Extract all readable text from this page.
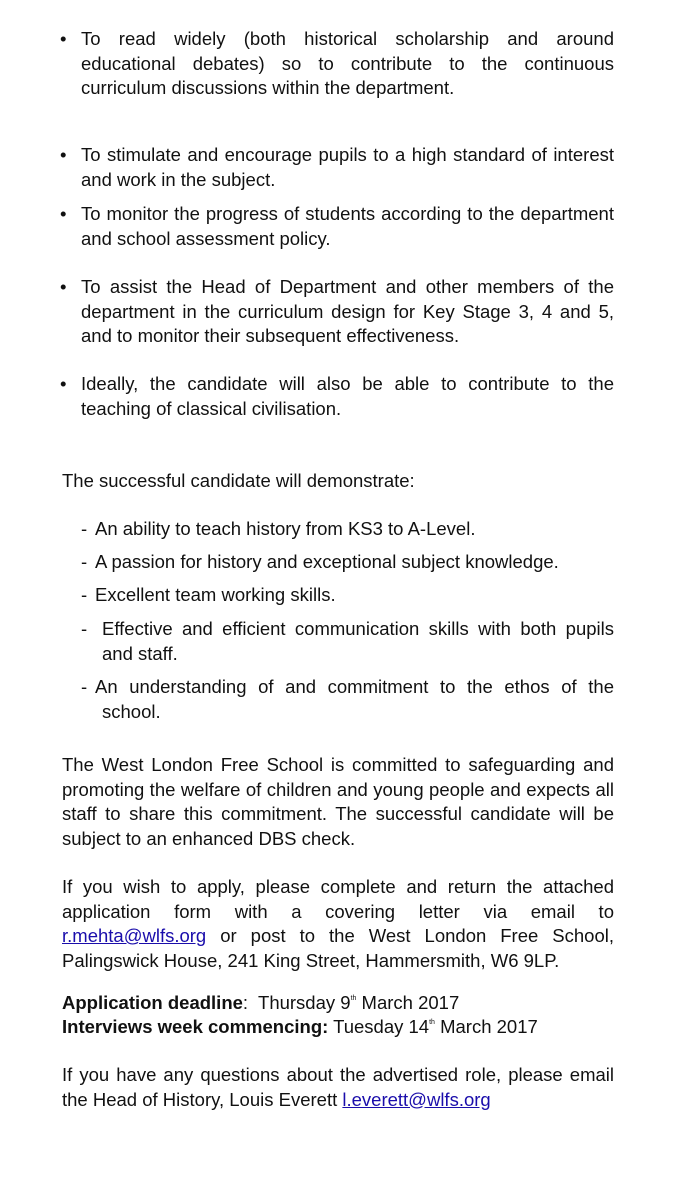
• To read widely (both historical scholarship and around educational debates) so to contribute to the continuous curriculum discussions within the department.
• To stimulate and encourage pupils to a high standard of interest and work in the subject.
• To monitor the progress of students according to the department and school assessment policy.
• To assist the Head of Department and other members of the department in the curriculum design for Key Stage 3, 4 and 5, and to monitor their subsequent effectiveness.
• Ideally, the candidate will also be able to contribute to the teaching of classical civilisation.

The successful candidate will demonstrate:

- An ability to teach history from KS3 to A-Level.
- A passion for history and exceptional subject knowledge.
- Excellent team working skills.
- Effective and efficient communication skills with both pupils and staff.
- An understanding of and commitment to the ethos of the school.

The West London Free School is committed to safeguarding and promoting the welfare of children and young people and expects all staff to share this commitment. The successful candidate will be subject to an enhanced DBS check.

If you wish to apply, please complete and return the attached application form with a covering letter via email to r.mehta@wlfs.org or post to the West London Free School, Palingswick House, 241 King Street, Hammersmith, W6 9LP.

Application deadline: Thursday 9th March 2017

Interviews week commencing: Tuesday 14th March 2017

If you have any questions about the advertised role, please email the Head of History, Louis Everett l.everett@wlfs.org
